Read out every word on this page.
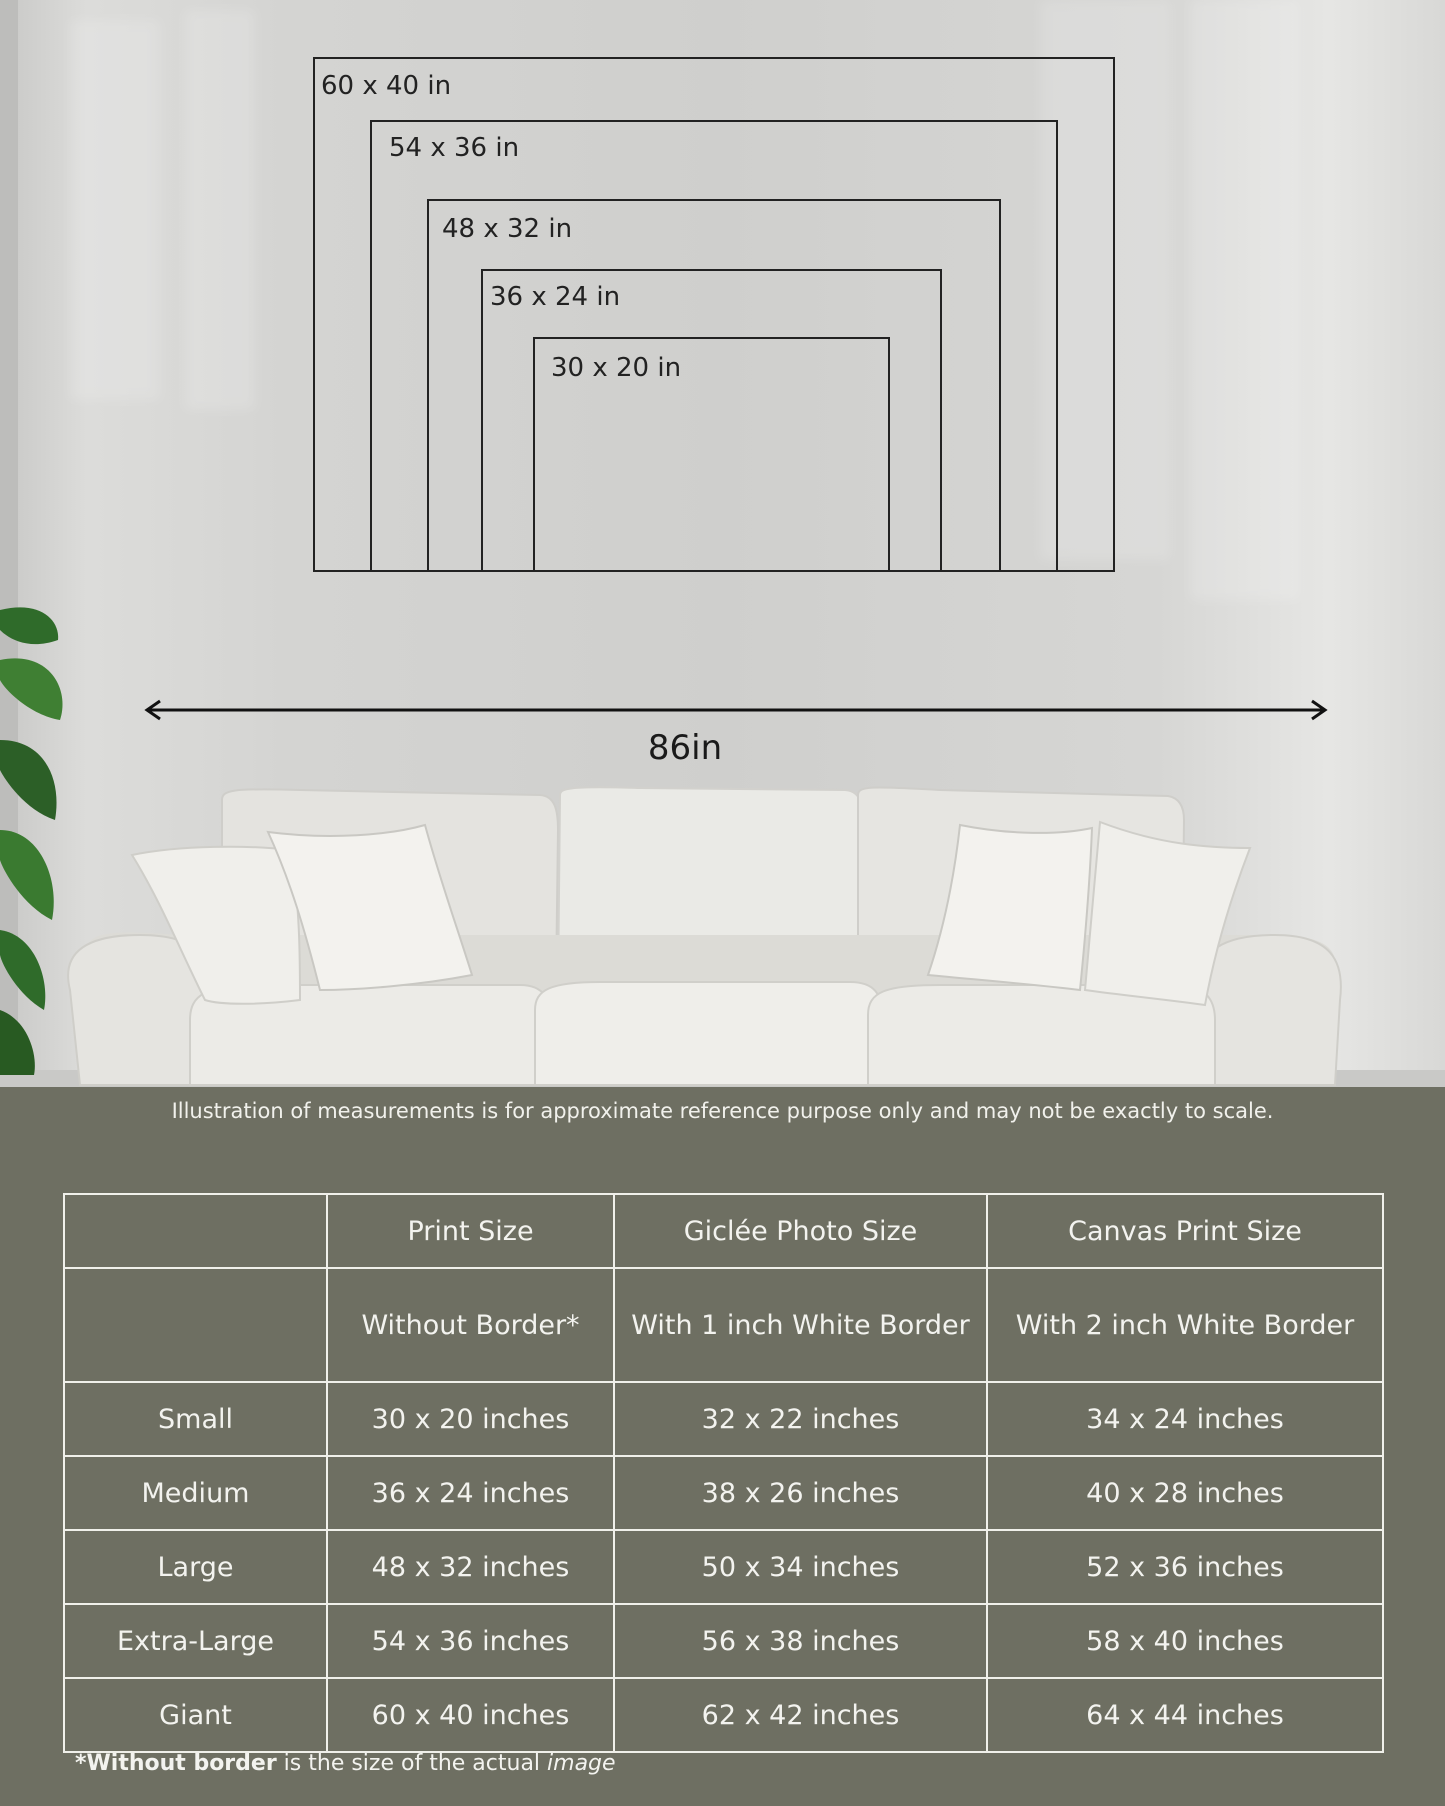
60 x 40 in
54 x 36 in
48 x 32 in
36 x 24 in
30 x 20 in
86in
Illustration of measurements is for approximate reference purpose only and may not be exactly to scale.
	Print Size	Giclée Photo Size	Canvas Print Size
	Without Border*	With 1 inch White Border	With 2 inch White Border
Small	30 x 20 inches	32 x 22 inches	34 x 24 inches
Medium	36 x 24 inches	38 x 26 inches	40 x 28 inches
Large	48 x 32 inches	50 x 34 inches	52 x 36 inches
Extra-Large	54 x 36 inches	56 x 38 inches	58 x 40 inches
Giant	60 x 40 inches	62 x 42 inches	64 x 44 inches
*Without border is the size of the actual image
